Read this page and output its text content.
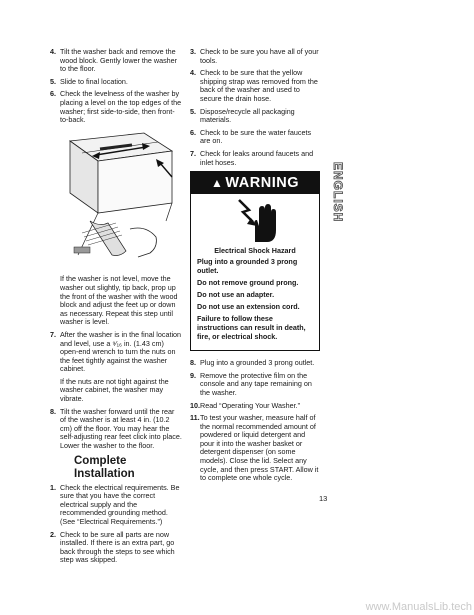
4. Tilt the washer back and remove the wood block. Gently lower the washer to the floor.
5. Slide to final location.
6. Check the levelness of the washer by placing a level on the top edges of the washer; first side-to-side, then front-to-back.
If the washer is not level, move the washer out slightly, tip back, prop up the front of the washer with the wood block and adjust the feet up or down as necessary. Repeat this step until washer is level.
7. After the washer is in the final location and level, use a ⁹⁄₁₆ in. (1.43 cm) open-end wrench to turn the nuts on the feet tightly against the washer cabinet.
If the nuts are not tight against the washer cabinet, the washer may vibrate.
8. Tilt the washer forward until the rear of the washer is at least 4 in. (10.2 cm) off the floor. You may hear the self-adjusting rear feet click into place. Lower the washer to the floor.
Complete Installation
1. Check the electrical requirements. Be sure that you have the correct electrical supply and the recommended grounding method. (See “Electrical Requirements.”)
2. Check to be sure all parts are now installed. If there is an extra part, go back through the steps to see which step was skipped.
3. Check to be sure you have all of your tools.
4. Check to be sure that the yellow shipping strap was removed from the back of the washer and used to secure the drain hose.
5. Dispose/recycle all packaging materials.
6. Check to be sure the water faucets are on.
7. Check for leaks around faucets and inlet hoses.
▲ WARNING
Electrical Shock Hazard
Plug into a grounded 3 prong outlet.
Do not remove ground prong.
Do not use an adapter.
Do not use an extension cord.
Failure to follow these instructions can result in death, fire, or electrical shock.
8. Plug into a grounded 3 prong outlet.
9. Remove the protective film on the console and any tape remaining on the washer.
10. Read “Operating Your Washer.”
11. To test your washer, measure half of the normal recommended amount of powdered or liquid detergent and pour it into the washer basket or detergent dispenser (on some models). Close the lid. Select any cycle, and then press START. Allow it to complete one whole cycle.
ENGLISH
13
www.ManualsLib.tech
